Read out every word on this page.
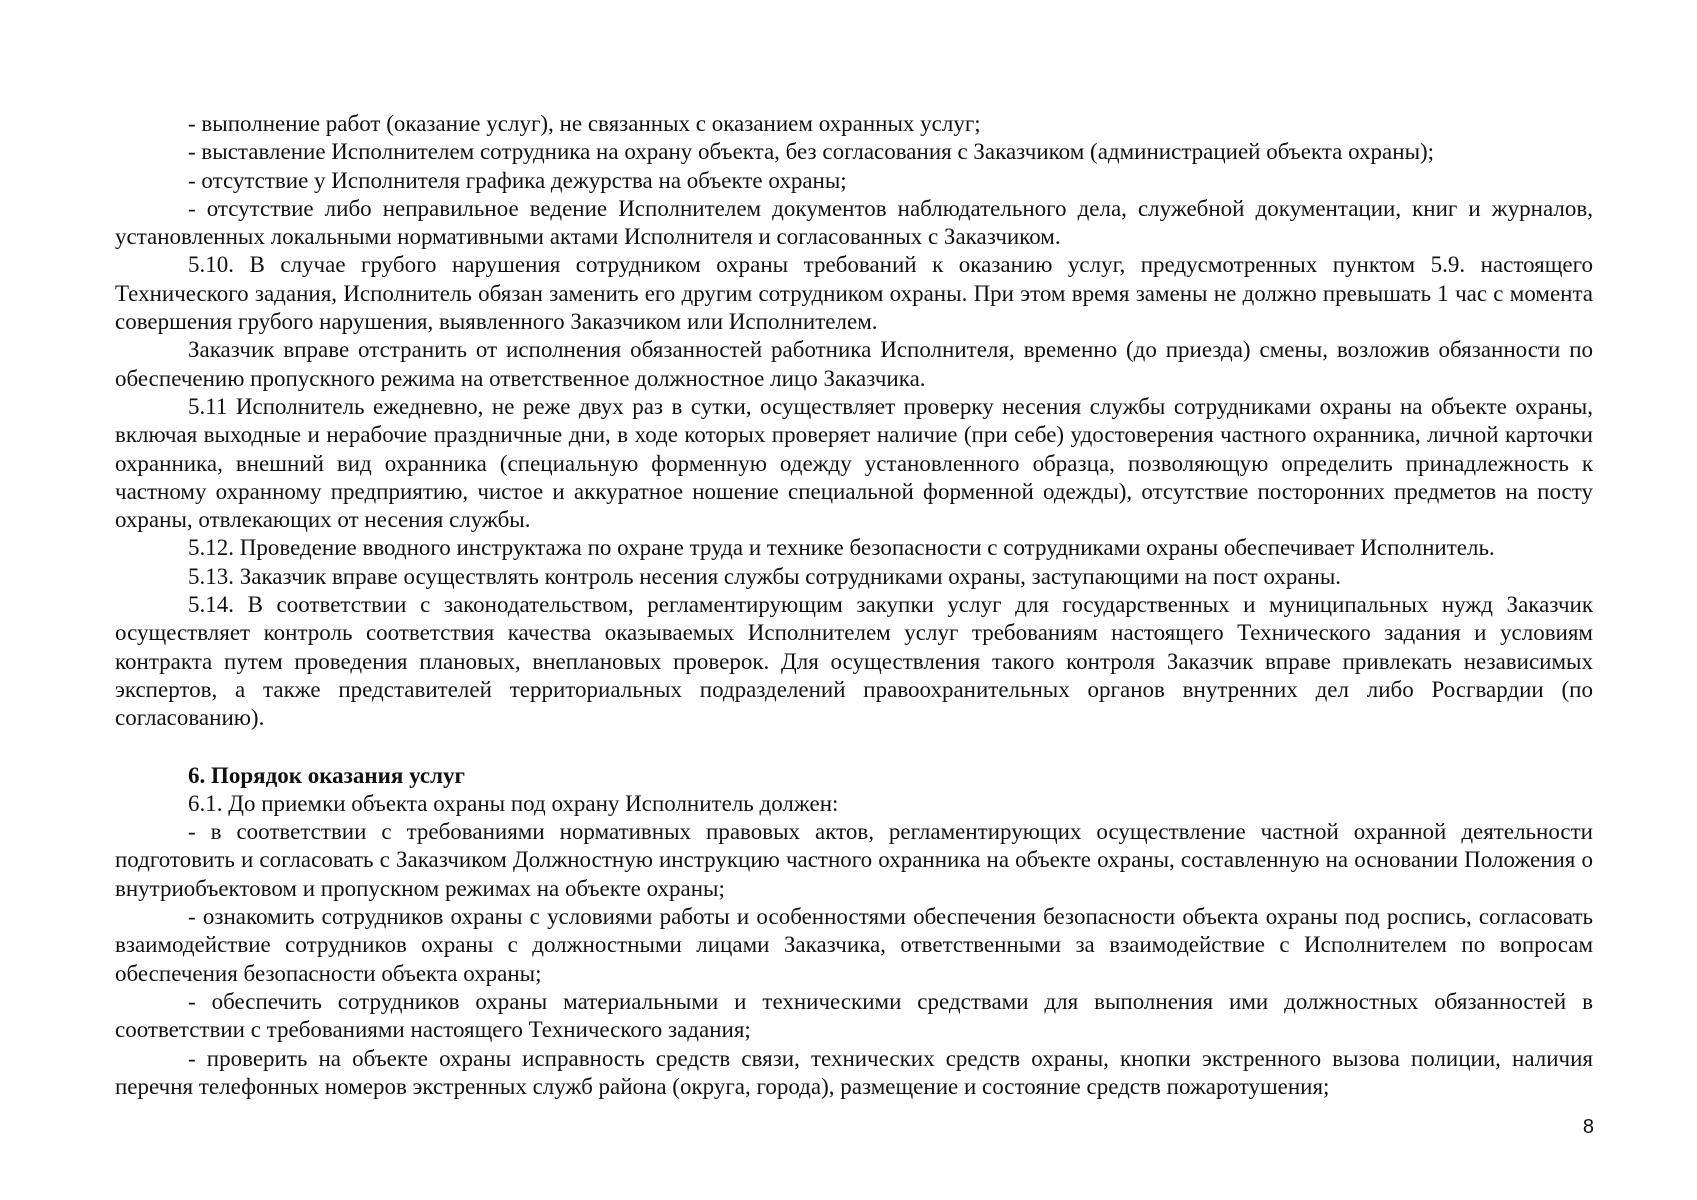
- выполнение работ (оказание услуг), не связанных с оказанием охранных услуг;

- выставление Исполнителем сотрудника на охрану объекта, без согласования с Заказчиком (администрацией объекта охраны);

- отсутствие у Исполнителя графика дежурства на объекте охраны;

- отсутствие либо неправильное ведение Исполнителем документов наблюдательного дела, служебной документации, книг и журналов, установленных локальными нормативными актами Исполнителя и согласованных с Заказчиком.

5.10. В случае грубого нарушения сотрудником охраны требований к оказанию услуг, предусмотренных пунктом 5.9. настоящего Технического задания, Исполнитель обязан заменить его другим сотрудником охраны. При этом время замены не должно превышать 1 час с момента совершения грубого нарушения, выявленного Заказчиком или Исполнителем.

Заказчик вправе отстранить от исполнения обязанностей работника Исполнителя, временно (до приезда) смены, возложив обязанности по обеспечению пропускного режима на ответственное должностное лицо Заказчика.

5.11 Исполнитель ежедневно, не реже двух раз в сутки, осуществляет проверку несения службы сотрудниками охраны на объекте охраны, включая выходные и нерабочие праздничные дни, в ходе которых проверяет наличие (при себе) удостоверения частного охранника, личной карточки охранника, внешний вид охранника (специальную форменную одежду установленного образца, позволяющую определить принадлежность к частному охранному предприятию, чистое и аккуратное ношение специальной форменной одежды), отсутствие посторонних предметов на посту охраны, отвлекающих от несения службы.

5.12. Проведение вводного инструктажа по охране труда и технике безопасности с сотрудниками охраны обеспечивает Исполнитель.

5.13. Заказчик вправе осуществлять контроль несения службы сотрудниками охраны, заступающими на пост охраны.

5.14. В соответствии с законодательством, регламентирующим закупки услуг для государственных и муниципальных нужд Заказчик осуществляет контроль соответствия качества оказываемых Исполнителем услуг требованиям настоящего Технического задания и условиям контракта путем проведения плановых, внеплановых проверок. Для осуществления такого контроля Заказчик вправе привлекать независимых экспертов, а также представителей территориальных подразделений правоохранительных органов внутренних дел либо Росгвардии (по согласованию).

6. Порядок оказания услуг

6.1. До приемки объекта охраны под охрану Исполнитель должен:

- в соответствии с требованиями нормативных правовых актов, регламентирующих осуществление частной охранной деятельности подготовить и согласовать с Заказчиком Должностную инструкцию частного охранника на объекте охраны, составленную на основании Положения о внутриобъектовом и пропускном режимах на объекте охраны;

- ознакомить сотрудников охраны с условиями работы и особенностями обеспечения безопасности объекта охраны под роспись, согласовать взаимодействие сотрудников охраны с должностными лицами Заказчика, ответственными за взаимодействие с Исполнителем по вопросам обеспечения безопасности объекта охраны;

- обеспечить сотрудников охраны материальными и техническими средствами для выполнения ими должностных обязанностей в соответствии с требованиями настоящего Технического задания;

- проверить на объекте охраны исправность средств связи, технических средств охраны, кнопки экстренного вызова полиции, наличия перечня телефонных номеров экстренных служб района (округа, города), размещение и состояние средств пожаротушения;

8
